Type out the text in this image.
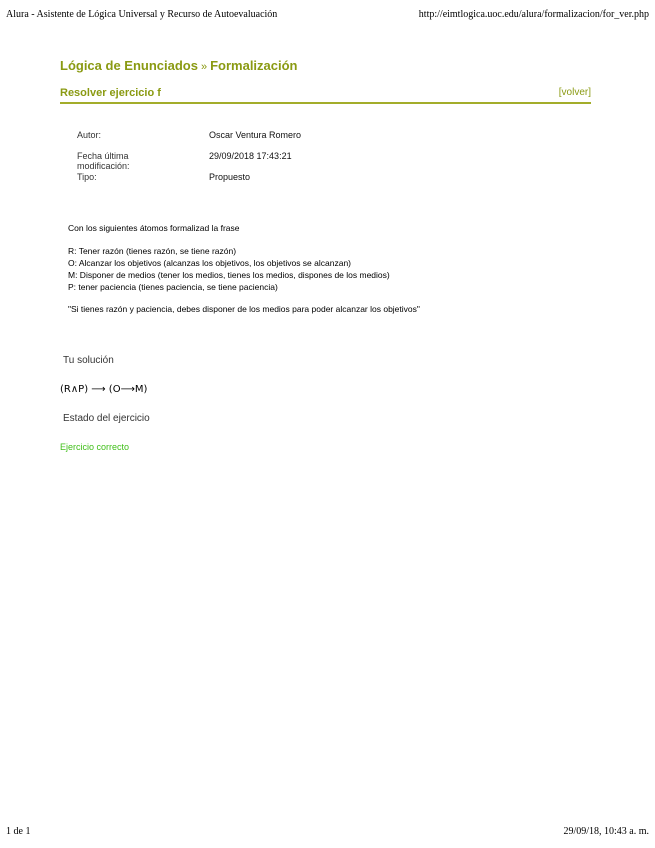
Alura - Asistente de Lógica Universal y Recurso de Autoevaluación	http://eimtlogica.uoc.edu/alura/formalizacion/for_ver.php
Lógica de Enunciados » Formalización
Resolver ejercicio f	[volver]
Autor:	Oscar Ventura Romero
Fecha última modificación:
29/09/2018 17:43:21
Tipo:	Propuesto
Con los siguientes átomos formalizad la frase
R: Tener razón (tienes razón, se tiene razón)
O: Alcanzar los objetivos (alcanzas los objetivos, los objetivos se alcanzan)
M: Disponer de medios (tener los medios, tienes los medios, dispones de los medios)
P: tener paciencia (tienes paciencia, se tiene paciencia)
"Si tienes razón y paciencia, debes disponer de los medios para poder alcanzar los objetivos"
Tu solución
(R∧P) ⟶ (O⟶M)
Estado del ejercicio
Ejercicio correcto
1 de 1	29/09/18, 10:43 a. m.
